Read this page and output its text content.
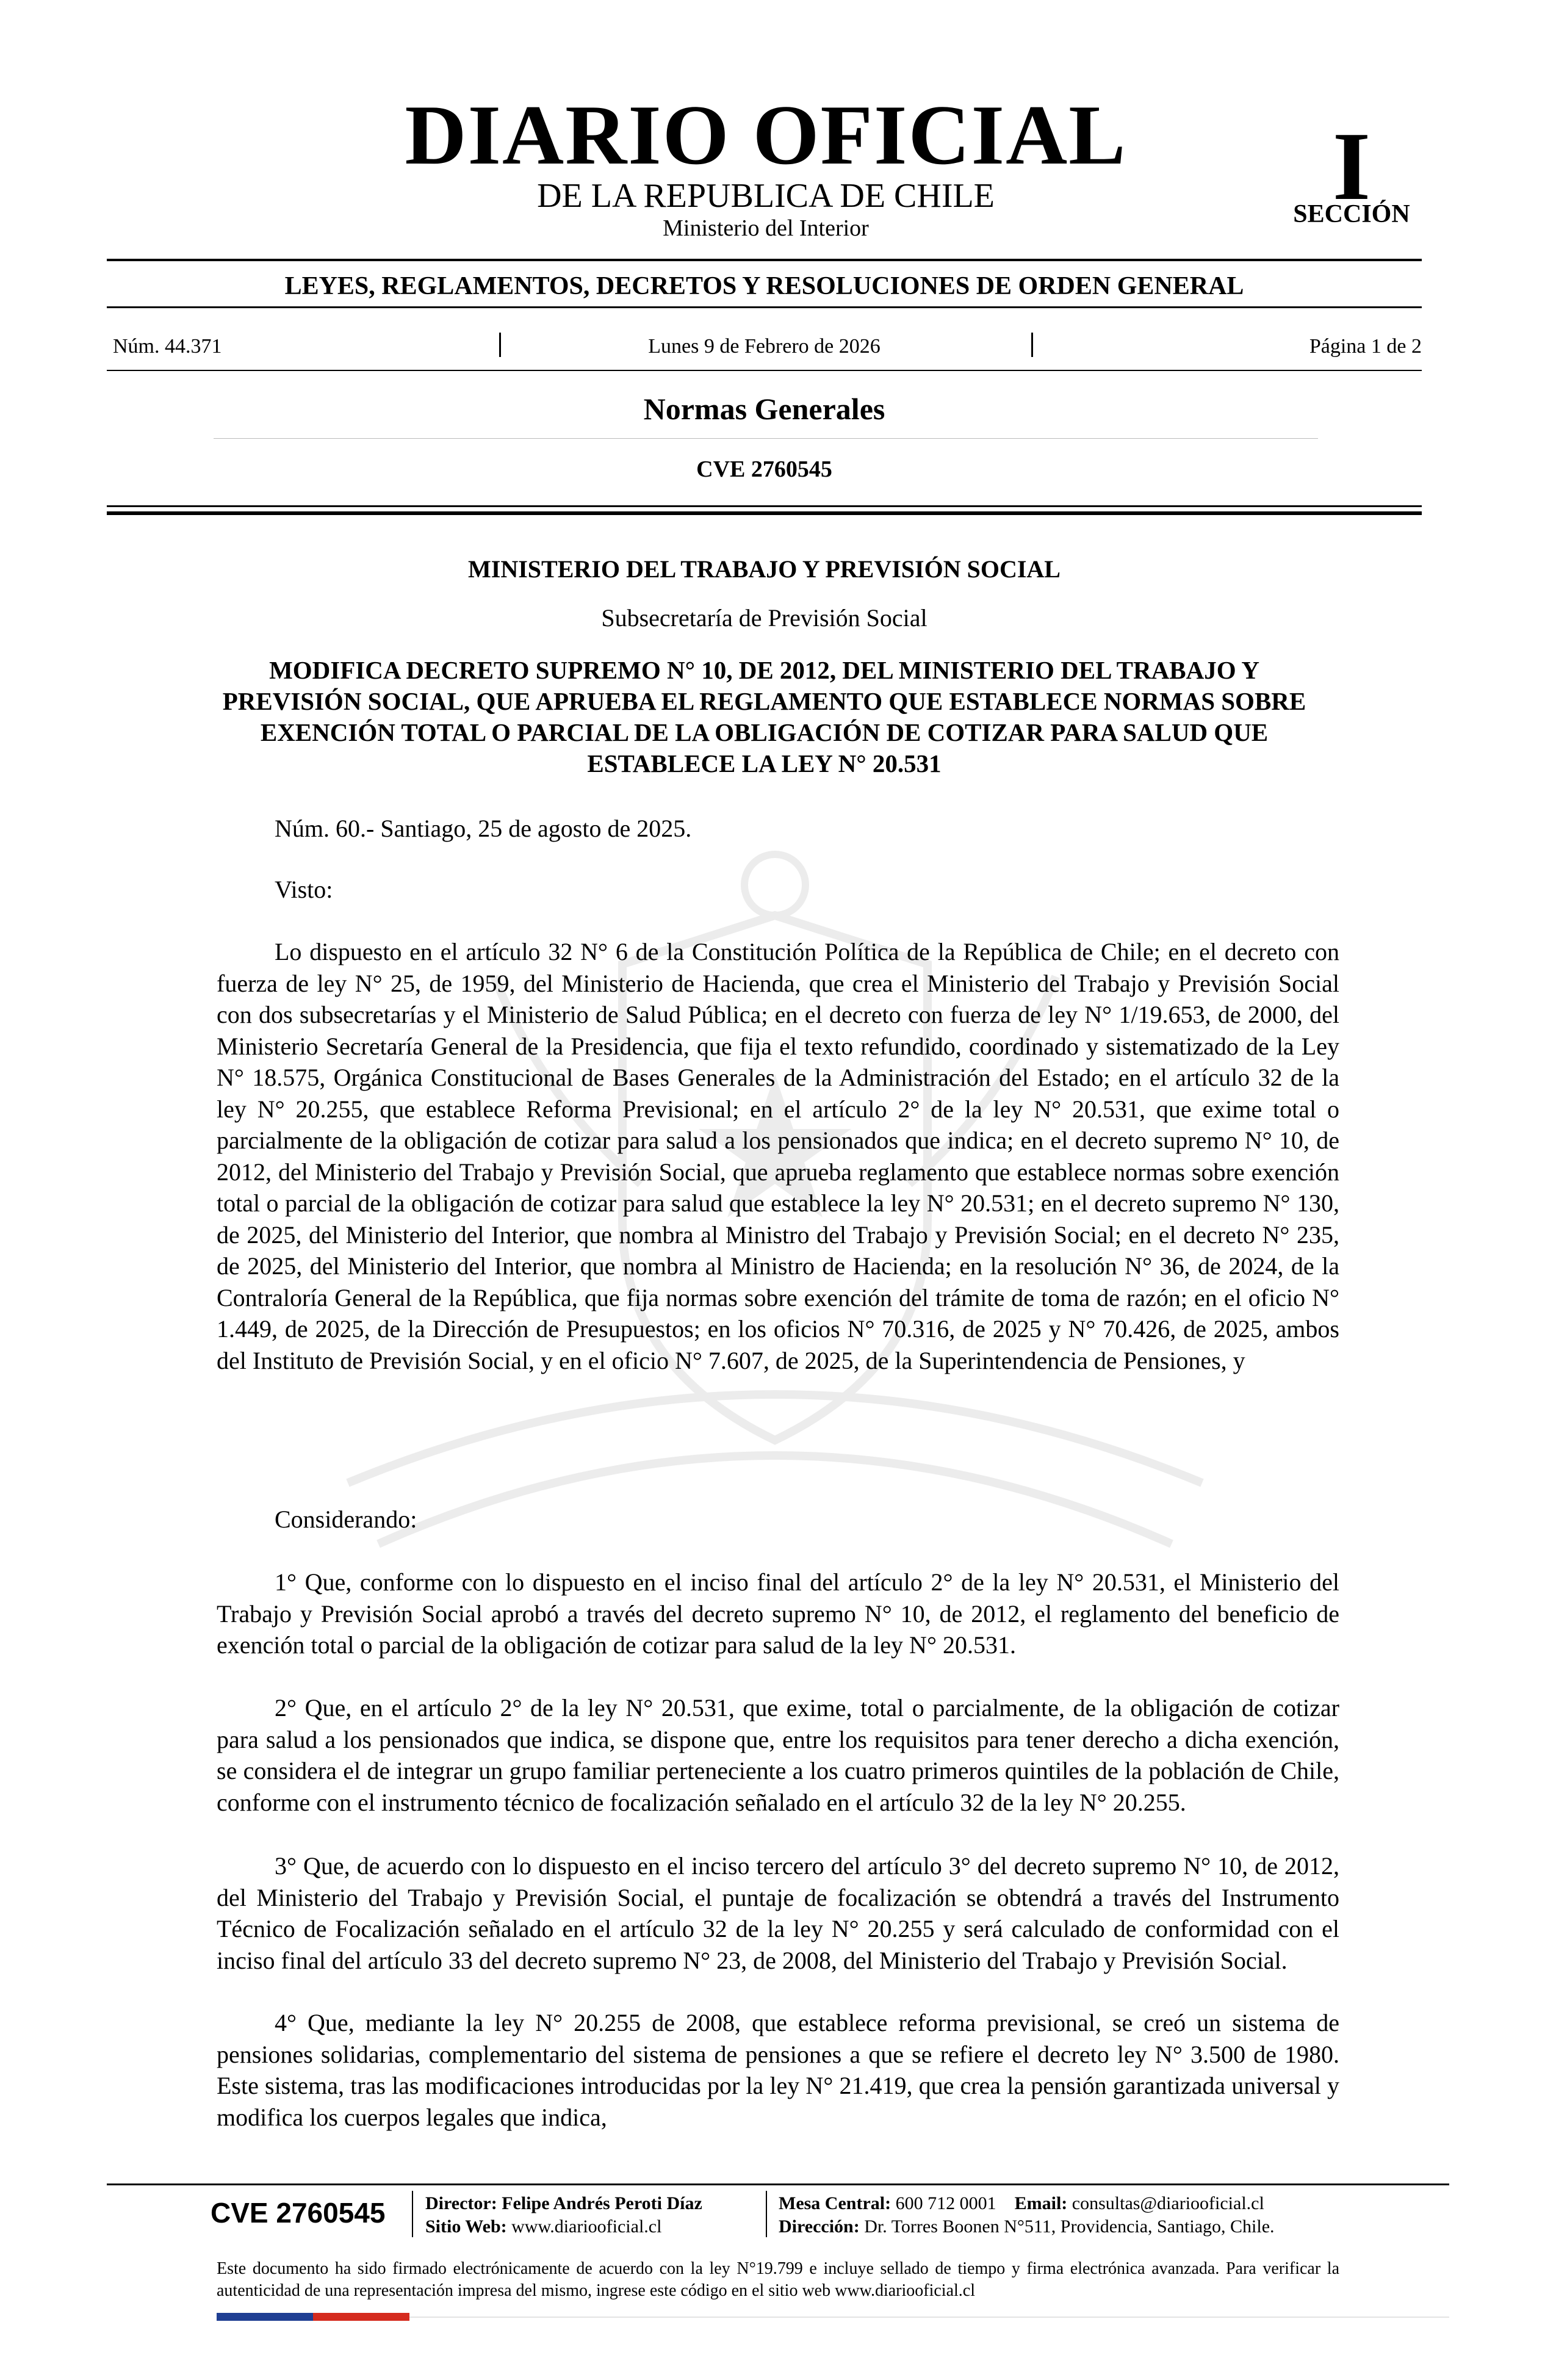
DIARIO OFICIAL
DE LA REPUBLICA DE CHILE
Ministerio del Interior
I
SECCIÓN
LEYES, REGLAMENTOS, DECRETOS Y RESOLUCIONES DE ORDEN GENERAL
Núm. 44.371	Lunes 9 de Febrero de 2026	Página 1 de 2
Normas Generales
CVE 2760545
MINISTERIO DEL TRABAJO Y PREVISIÓN SOCIAL
Subsecretaría de Previsión Social
MODIFICA DECRETO SUPREMO N° 10, DE 2012, DEL MINISTERIO DEL TRABAJO Y PREVISIÓN SOCIAL, QUE APRUEBA EL REGLAMENTO QUE ESTABLECE NORMAS SOBRE EXENCIÓN TOTAL O PARCIAL DE LA OBLIGACIÓN DE COTIZAR PARA SALUD QUE ESTABLECE LA LEY N° 20.531
Núm. 60.- Santiago, 25 de agosto de 2025.
Visto:
Lo dispuesto en el artículo 32 N° 6 de la Constitución Política de la República de Chile; en el decreto con fuerza de ley N° 25, de 1959, del Ministerio de Hacienda, que crea el Ministerio del Trabajo y Previsión Social con dos subsecretarías y el Ministerio de Salud Pública; en el decreto con fuerza de ley N° 1/19.653, de 2000, del Ministerio Secretaría General de la Presidencia, que fija el texto refundido, coordinado y sistematizado de la Ley N° 18.575, Orgánica Constitucional de Bases Generales de la Administración del Estado; en el artículo 32 de la ley N° 20.255, que establece Reforma Previsional; en el artículo 2° de la ley N° 20.531, que exime total o parcialmente de la obligación de cotizar para salud a los pensionados que indica; en el decreto supremo N° 10, de 2012, del Ministerio del Trabajo y Previsión Social, que aprueba reglamento que establece normas sobre exención total o parcial de la obligación de cotizar para salud que establece la ley N° 20.531; en el decreto supremo N° 130, de 2025, del Ministerio del Interior, que nombra al Ministro del Trabajo y Previsión Social; en el decreto N° 235, de 2025, del Ministerio del Interior, que nombra al Ministro de Hacienda; en la resolución N° 36, de 2024, de la Contraloría General de la República, que fija normas sobre exención del trámite de toma de razón; en el oficio N° 1.449, de 2025, de la Dirección de Presupuestos; en los oficios N° 70.316, de 2025 y N° 70.426, de 2025, ambos del Instituto de Previsión Social, y en el oficio N° 7.607, de 2025, de la Superintendencia de Pensiones, y
Considerando:
1° Que, conforme con lo dispuesto en el inciso final del artículo 2° de la ley N° 20.531, el Ministerio del Trabajo y Previsión Social aprobó a través del decreto supremo N° 10, de 2012, el reglamento del beneficio de exención total o parcial de la obligación de cotizar para salud de la ley N° 20.531.
2° Que, en el artículo 2° de la ley N° 20.531, que exime, total o parcialmente, de la obligación de cotizar para salud a los pensionados que indica, se dispone que, entre los requisitos para tener derecho a dicha exención, se considera el de integrar un grupo familiar perteneciente a los cuatro primeros quintiles de la población de Chile, conforme con el instrumento técnico de focalización señalado en el artículo 32 de la ley N° 20.255.
3° Que, de acuerdo con lo dispuesto en el inciso tercero del artículo 3° del decreto supremo N° 10, de 2012, del Ministerio del Trabajo y Previsión Social, el puntaje de focalización se obtendrá a través del Instrumento Técnico de Focalización señalado en el artículo 32 de la ley N° 20.255 y será calculado de conformidad con el inciso final del artículo 33 del decreto supremo N° 23, de 2008, del Ministerio del Trabajo y Previsión Social.
4° Que, mediante la ley N° 20.255 de 2008, que establece reforma previsional, se creó un sistema de pensiones solidarias, complementario del sistema de pensiones a que se refiere el decreto ley N° 3.500 de 1980. Este sistema, tras las modificaciones introducidas por la ley N° 21.419, que crea la pensión garantizada universal y modifica los cuerpos legales que indica,
CVE 2760545 Director: Felipe Andrés Peroti Díaz
Sitio Web: www.diariooficial.cl
Mesa Central: 600 712 0001 Email: consultas@diariooficial.cl
Dirección: Dr. Torres Boonen N°511, Providencia, Santiago, Chile.
Este documento ha sido firmado electrónicamente de acuerdo con la ley N°19.799 e incluye sellado de tiempo y firma electrónica avanzada. Para verificar la autenticidad de una representación impresa del mismo, ingrese este código en el sitio web www.diariooficial.cl
